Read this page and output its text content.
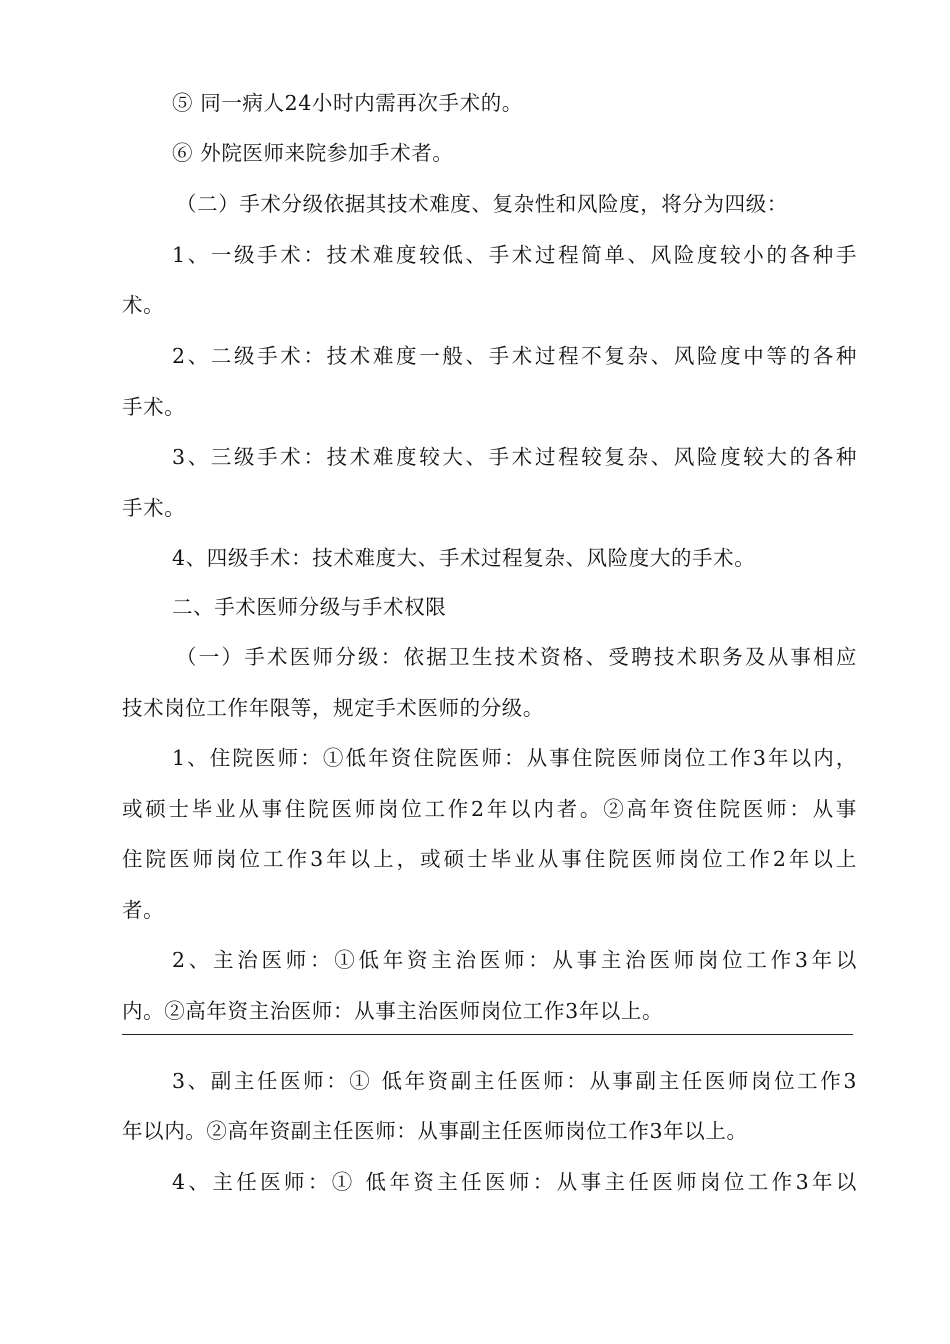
⑤ 同一病人24小时内需再次手术的。
⑥ 外院医师来院参加手术者。
（二）手术分级依据其技术难度、复杂性和风险度，将分为四级：
1、一级手术：技术难度较低、手术过程简单、风险度较小的各种手
术。
2、二级手术：技术难度一般、手术过程不复杂、风险度中等的各种
手术。
3、三级手术：技术难度较大、手术过程较复杂、风险度较大的各种
手术。
4、四级手术：技术难度大、手术过程复杂、风险度大的手术。
二、手术医师分级与手术权限
（一）手术医师分级：依据卫生技术资格、受聘技术职务及从事相应
技术岗位工作年限等，规定手术医师的分级。
1、住院医师：①低年资住院医师：从事住院医师岗位工作3年以内，
或硕士毕业从事住院医师岗位工作2年以内者。②高年资住院医师：从事
住院医师岗位工作3年以上，或硕士毕业从事住院医师岗位工作2年以上
者。
2、主治医师：①低年资主治医师：从事主治医师岗位工作3年以
内。②高年资主治医师：从事主治医师岗位工作3年以上。
3、副主任医师：① 低年资副主任医师：从事副主任医师岗位工作3
年以内。②高年资副主任医师：从事副主任医师岗位工作3年以上。
4、主任医师：① 低年资主任医师：从事主任医师岗位工作3年以
